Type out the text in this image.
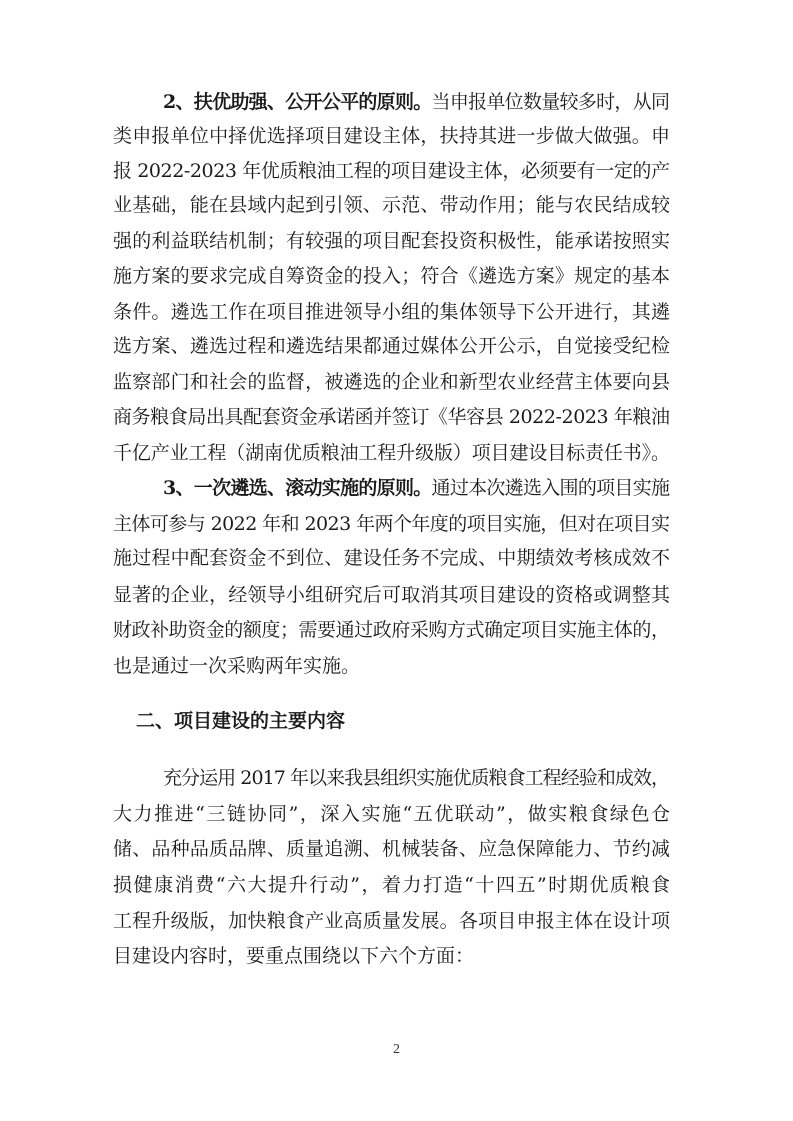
2、扶优助强、公开公平的原则。当申报单位数量较多时，从同
类申报单位中择优选择项目建设主体，扶持其进一步做大做强。申
报 2022-2023 年优质粮油工程的项目建设主体，必须要有一定的产
业基础，能在县域内起到引领、示范、带动作用；能与农民结成较
强的利益联结机制；有较强的项目配套投资积极性，能承诺按照实
施方案的要求完成自筹资金的投入；符合《遴选方案》规定的基本
条件。遴选工作在项目推进领导小组的集体领导下公开进行，其遴
选方案、遴选过程和遴选结果都通过媒体公开公示，自觉接受纪检
监察部门和社会的监督，被遴选的企业和新型农业经营主体要向县
商务粮食局出具配套资金承诺函并签订《华容县 2022-2023 年粮油
千亿产业工程（湖南优质粮油工程升级版）项目建设目标责任书》。
3、一次遴选、滚动实施的原则。通过本次遴选入围的项目实施
主体可参与 2022 年和 2023 年两个年度的项目实施，但对在项目实
施过程中配套资金不到位、建设任务不完成、中期绩效考核成效不
显著的企业，经领导小组研究后可取消其项目建设的资格或调整其
财政补助资金的额度；需要通过政府采购方式确定项目实施主体的，
也是通过一次采购两年实施。
二、项目建设的主要内容
充分运用 2017 年以来我县组织实施优质粮食工程经验和成效，
大力推进“三链协同”，深入实施“五优联动”，做实粮食绿色仓
储、品种品质品牌、质量追溯、机械装备、应急保障能力、节约减
损健康消费“六大提升行动”，着力打造“十四五”时期优质粮食
工程升级版，加快粮食产业高质量发展。各项目申报主体在设计项
目建设内容时，要重点围绕以下六个方面：
2
